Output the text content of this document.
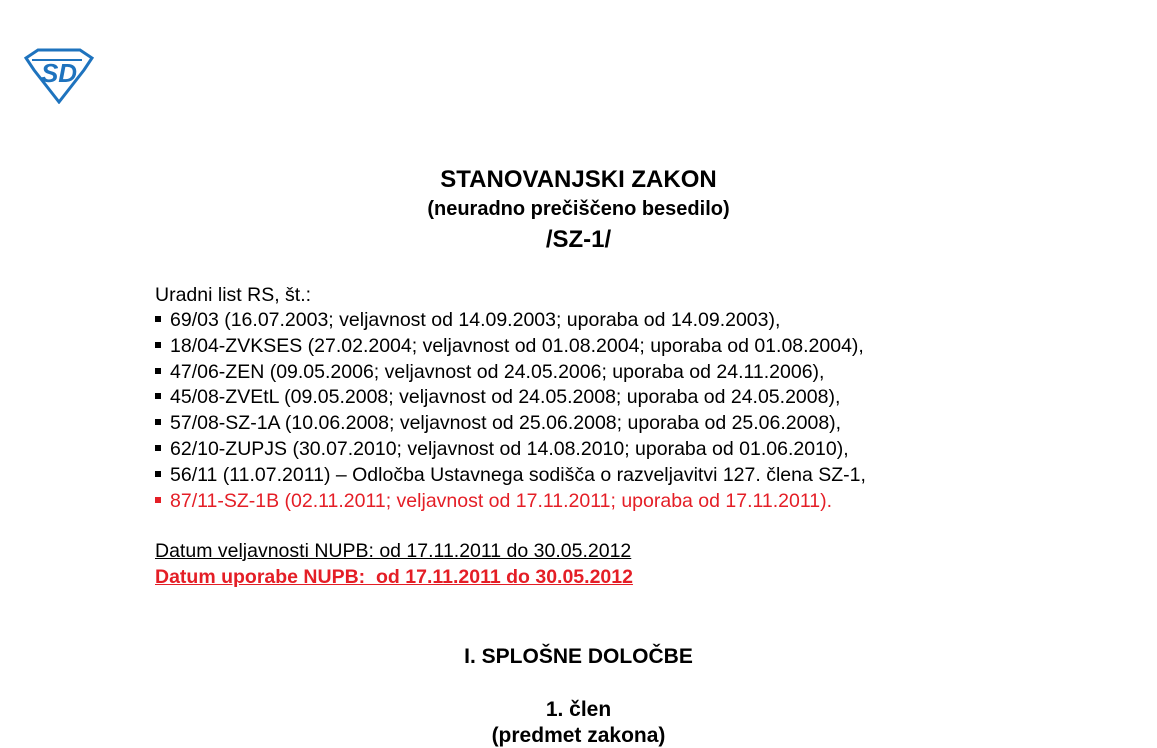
SD
STANOVANJSKI ZAKON
(neuradno prečiščeno besedilo)
/SZ-1/
Uradni list RS, št.:
69/03 (16.07.2003; veljavnost od 14.09.2003; uporaba od 14.09.2003),
18/04-ZVKSES (27.02.2004; veljavnost od 01.08.2004; uporaba od 01.08.2004),
47/06-ZEN (09.05.2006; veljavnost od 24.05.2006; uporaba od 24.11.2006),
45/08-ZVEtL (09.05.2008; veljavnost od 24.05.2008; uporaba od 24.05.2008),
57/08-SZ-1A (10.06.2008; veljavnost od 25.06.2008; uporaba od 25.06.2008),
62/10-ZUPJS (30.07.2010; veljavnost od 14.08.2010; uporaba od 01.06.2010),
56/11 (11.07.2011) – Odločba Ustavnega sodišča o razveljavitvi 127. člena SZ-1,
87/11-SZ-1B (02.11.2011; veljavnost od 17.11.2011; uporaba od 17.11.2011).
Datum veljavnosti NUPB: od 17.11.2011 do 30.05.2012
Datum uporabe NUPB:  od 17.11.2011 do 30.05.2012
I. SPLOŠNE DOLOČBE
1. člen
(predmet zakona)
